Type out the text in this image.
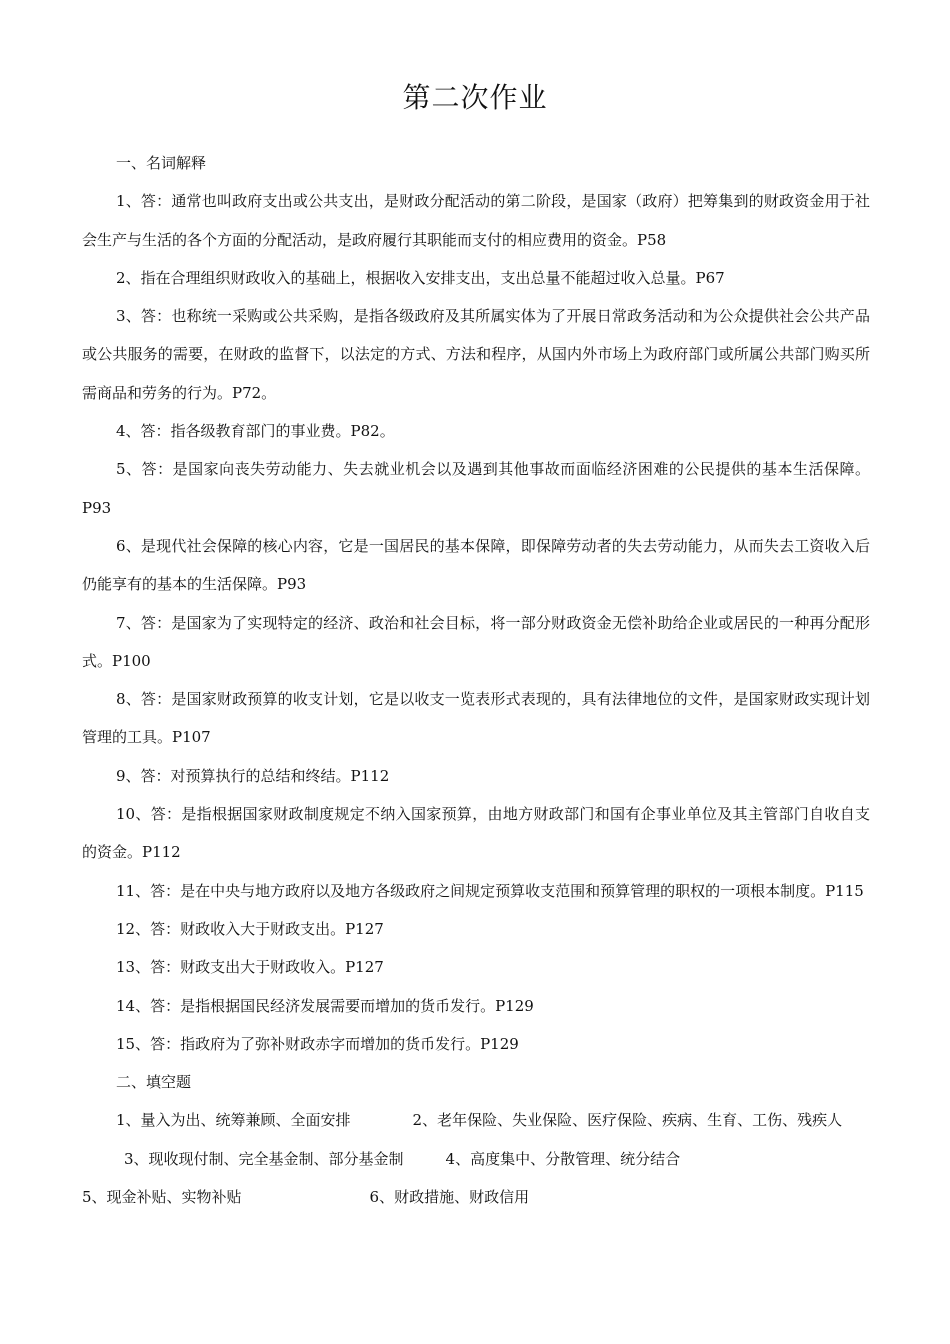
第二次作业

一、名词解释

1、答：通常也叫政府支出或公共支出，是财政分配活动的第二阶段，是国家（政府）把筹集到的财政资金用于社会生产与生活的各个方面的分配活动，是政府履行其职能而支付的相应费用的资金。P58

2、指在合理组织财政收入的基础上，根据收入安排支出，支出总量不能超过收入总量。P67

3、答：也称统一采购或公共采购，是指各级政府及其所属实体为了开展日常政务活动和为公众提供社会公共产品或公共服务的需要，在财政的监督下，以法定的方式、方法和程序，从国内外市场上为政府部门或所属公共部门购买所需商品和劳务的行为。P72。

4、答：指各级教育部门的事业费。P82。

5、答：是国家向丧失劳动能力、失去就业机会以及遇到其他事故而面临经济困难的公民提供的基本生活保障。P93

6、是现代社会保障的核心内容，它是一国居民的基本保障，即保障劳动者的失去劳动能力，从而失去工资收入后仍能享有的基本的生活保障。P93

7、答：是国家为了实现特定的经济、政治和社会目标，将一部分财政资金无偿补助给企业或居民的一种再分配形式。P100

8、答：是国家财政预算的收支计划，它是以收支一览表形式表现的，具有法律地位的文件，是国家财政实现计划管理的工具。P107

9、答：对预算执行的总结和终结。P112

10、答：是指根据国家财政制度规定不纳入国家预算，由地方财政部门和国有企事业单位及其主管部门自收自支的资金。P112

11、答：是在中央与地方政府以及地方各级政府之间规定预算收支范围和预算管理的职权的一项根本制度。P115

12、答：财政收入大于财政支出。P127

13、答：财政支出大于财政收入。P127

14、答：是指根据国民经济发展需要而增加的货币发行。P129

15、答：指政府为了弥补财政赤字而增加的货币发行。P129

二、填空题

1、量入为出、统筹兼顾、全面安排	2、老年保险、失业保险、医疗保险、疾病、生育、工伤、残疾人3、现收现付制、完全基金制、部分基金制	4、高度集中、分散管理、统分结合
5、现金补贴、实物补贴	6、财政措施、财政信用
